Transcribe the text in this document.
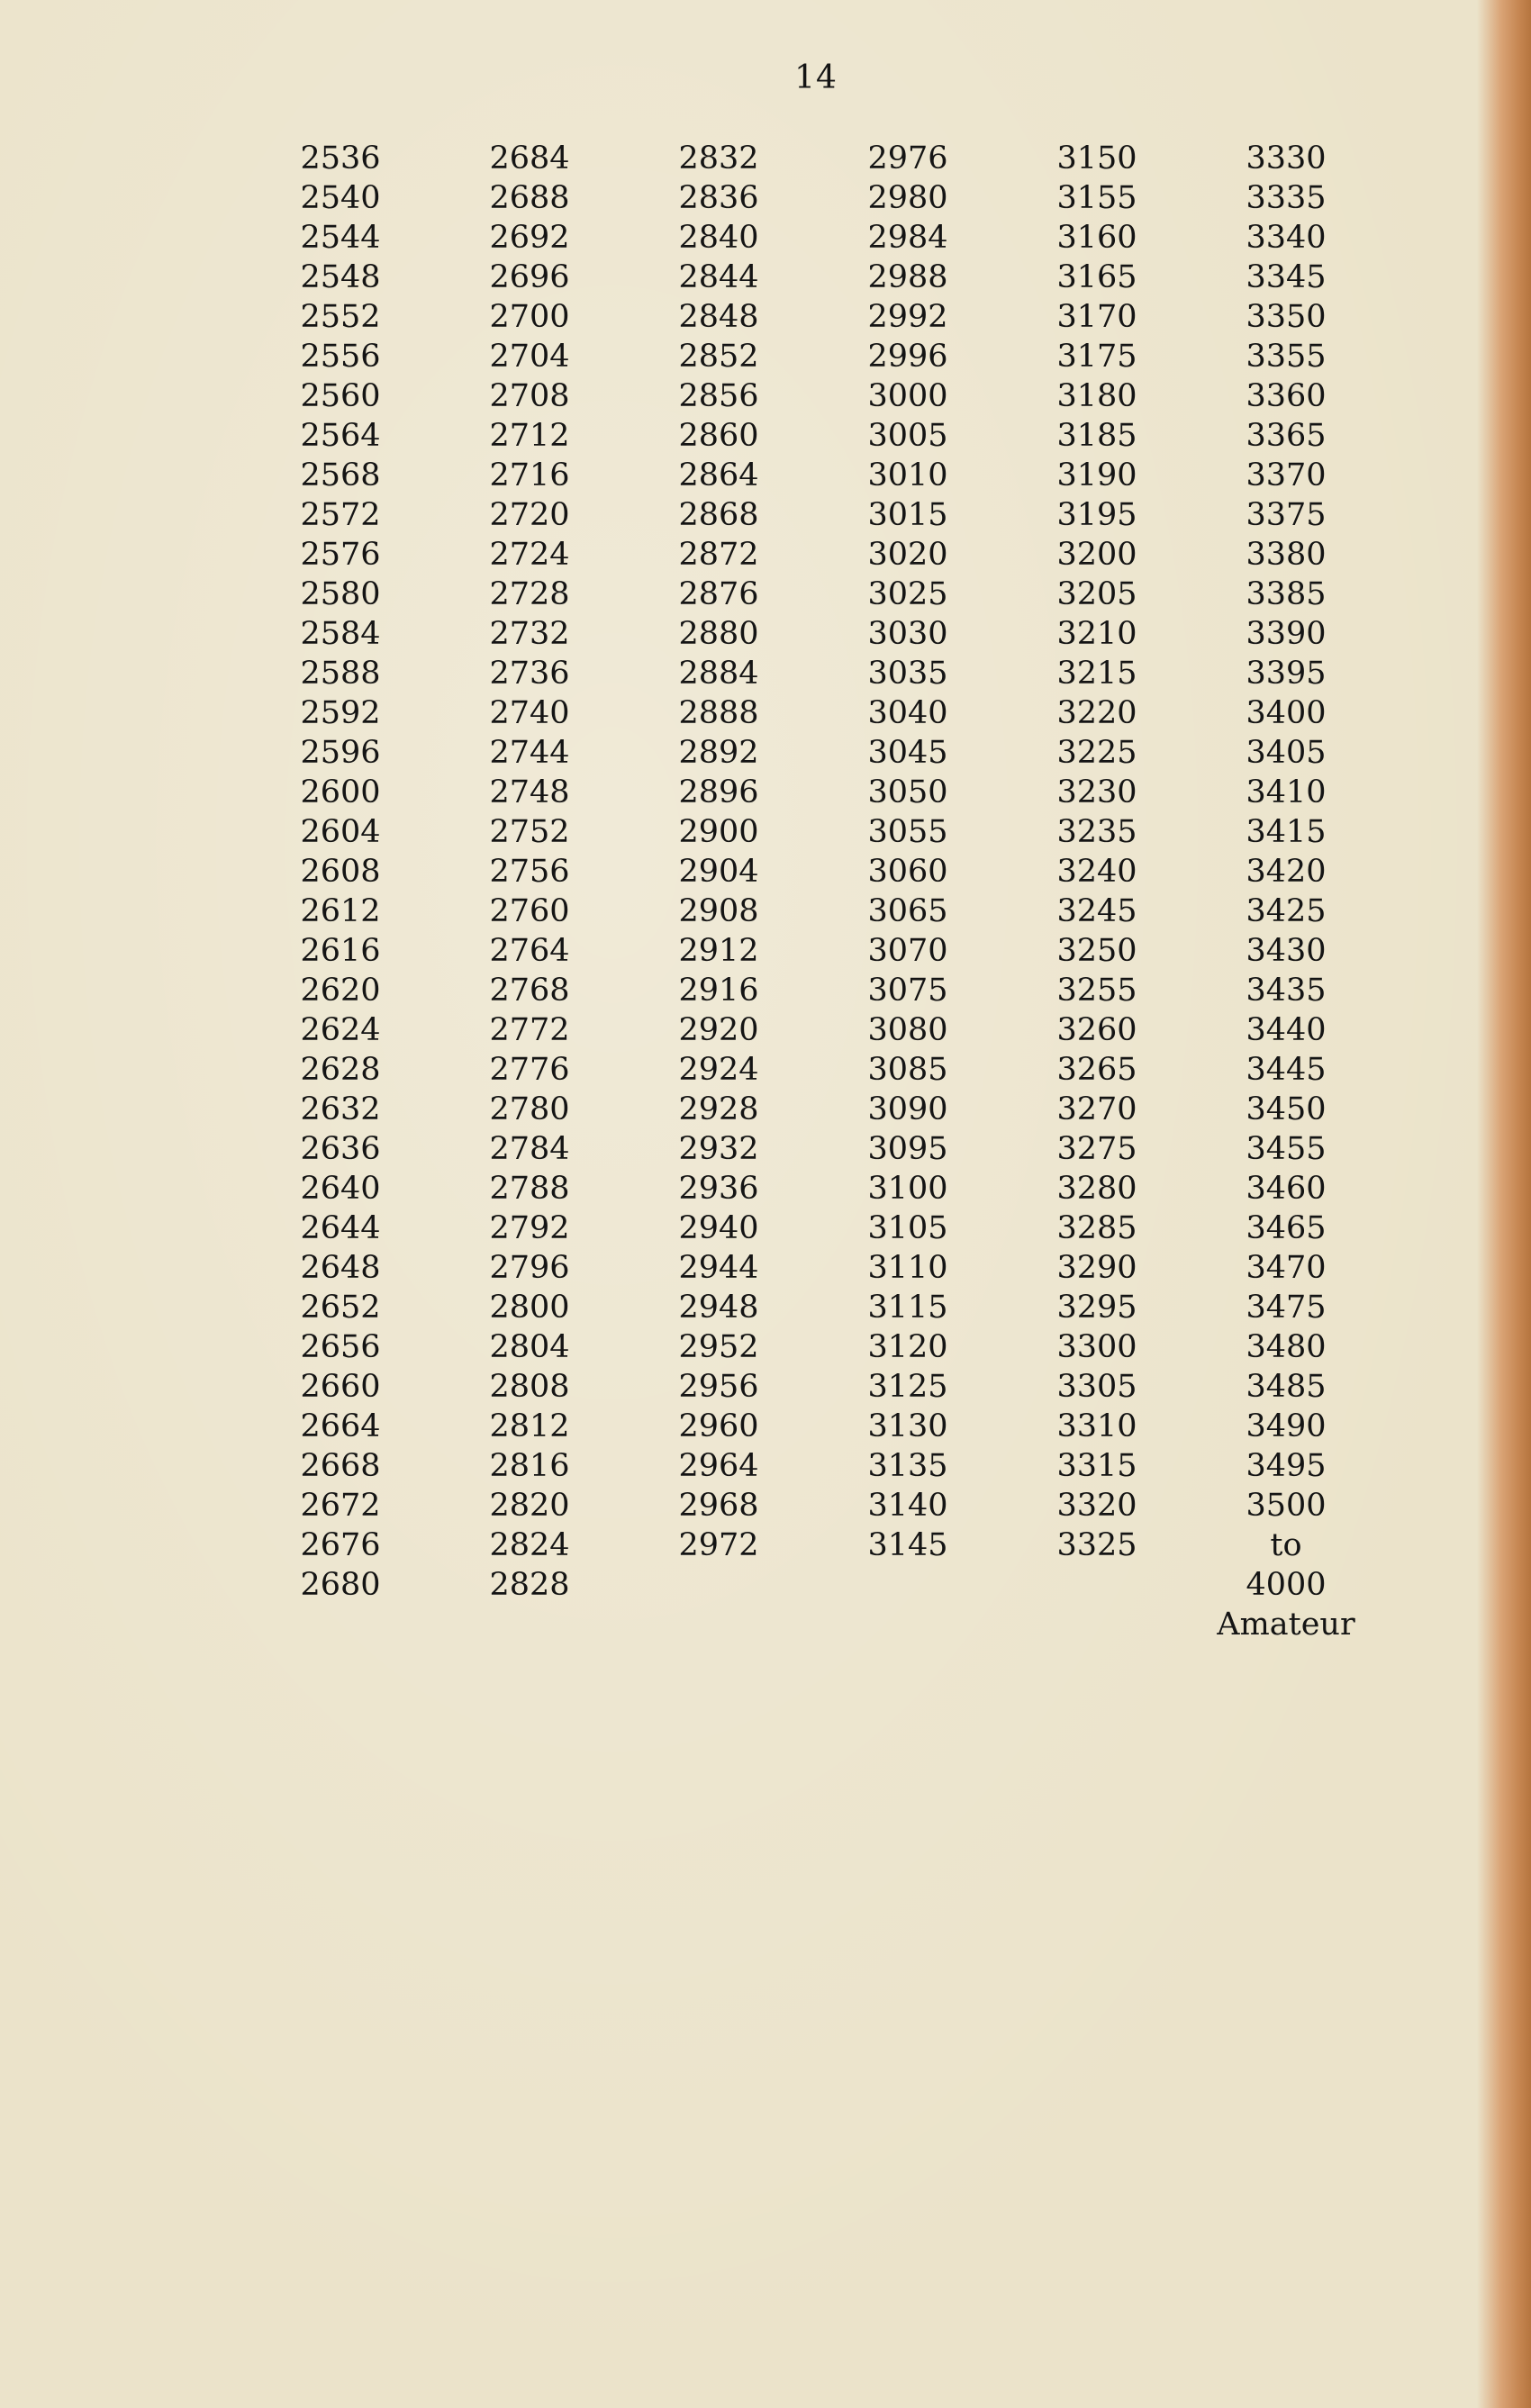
14
2536
2540
2544
2548
2552
2556
2560
2564
2568
2572
2576
2580
2584
2588
2592
2596
2600
2604
2608
2612
2616
2620
2624
2628
2632
2636
2640
2644
2648
2652
2656
2660
2664
2668
2672
2676
2680
2684
2688
2692
2696
2700
2704
2708
2712
2716
2720
2724
2728
2732
2736
2740
2744
2748
2752
2756
2760
2764
2768
2772
2776
2780
2784
2788
2792
2796
2800
2804
2808
2812
2816
2820
2824
2828
2832
2836
2840
2844
2848
2852
2856
2860
2864
2868
2872
2876
2880
2884
2888
2892
2896
2900
2904
2908
2912
2916
2920
2924
2928
2932
2936
2940
2944
2948
2952
2956
2960
2964
2968
2972
2976
2980
2984
2988
2992
2996
3000
3005
3010
3015
3020
3025
3030
3035
3040
3045
3050
3055
3060
3065
3070
3075
3080
3085
3090
3095
3100
3105
3110
3115
3120
3125
3130
3135
3140
3145
3150
3155
3160
3165
3170
3175
3180
3185
3190
3195
3200
3205
3210
3215
3220
3225
3230
3235
3240
3245
3250
3255
3260
3265
3270
3275
3280
3285
3290
3295
3300
3305
3310
3315
3320
3325
3330
3335
3340
3345
3350
3355
3360
3365
3370
3375
3380
3385
3390
3395
3400
3405
3410
3415
3420
3425
3430
3435
3440
3445
3450
3455
3460
3465
3470
3475
3480
3485
3490
3495
3500
to
4000
Amateur
